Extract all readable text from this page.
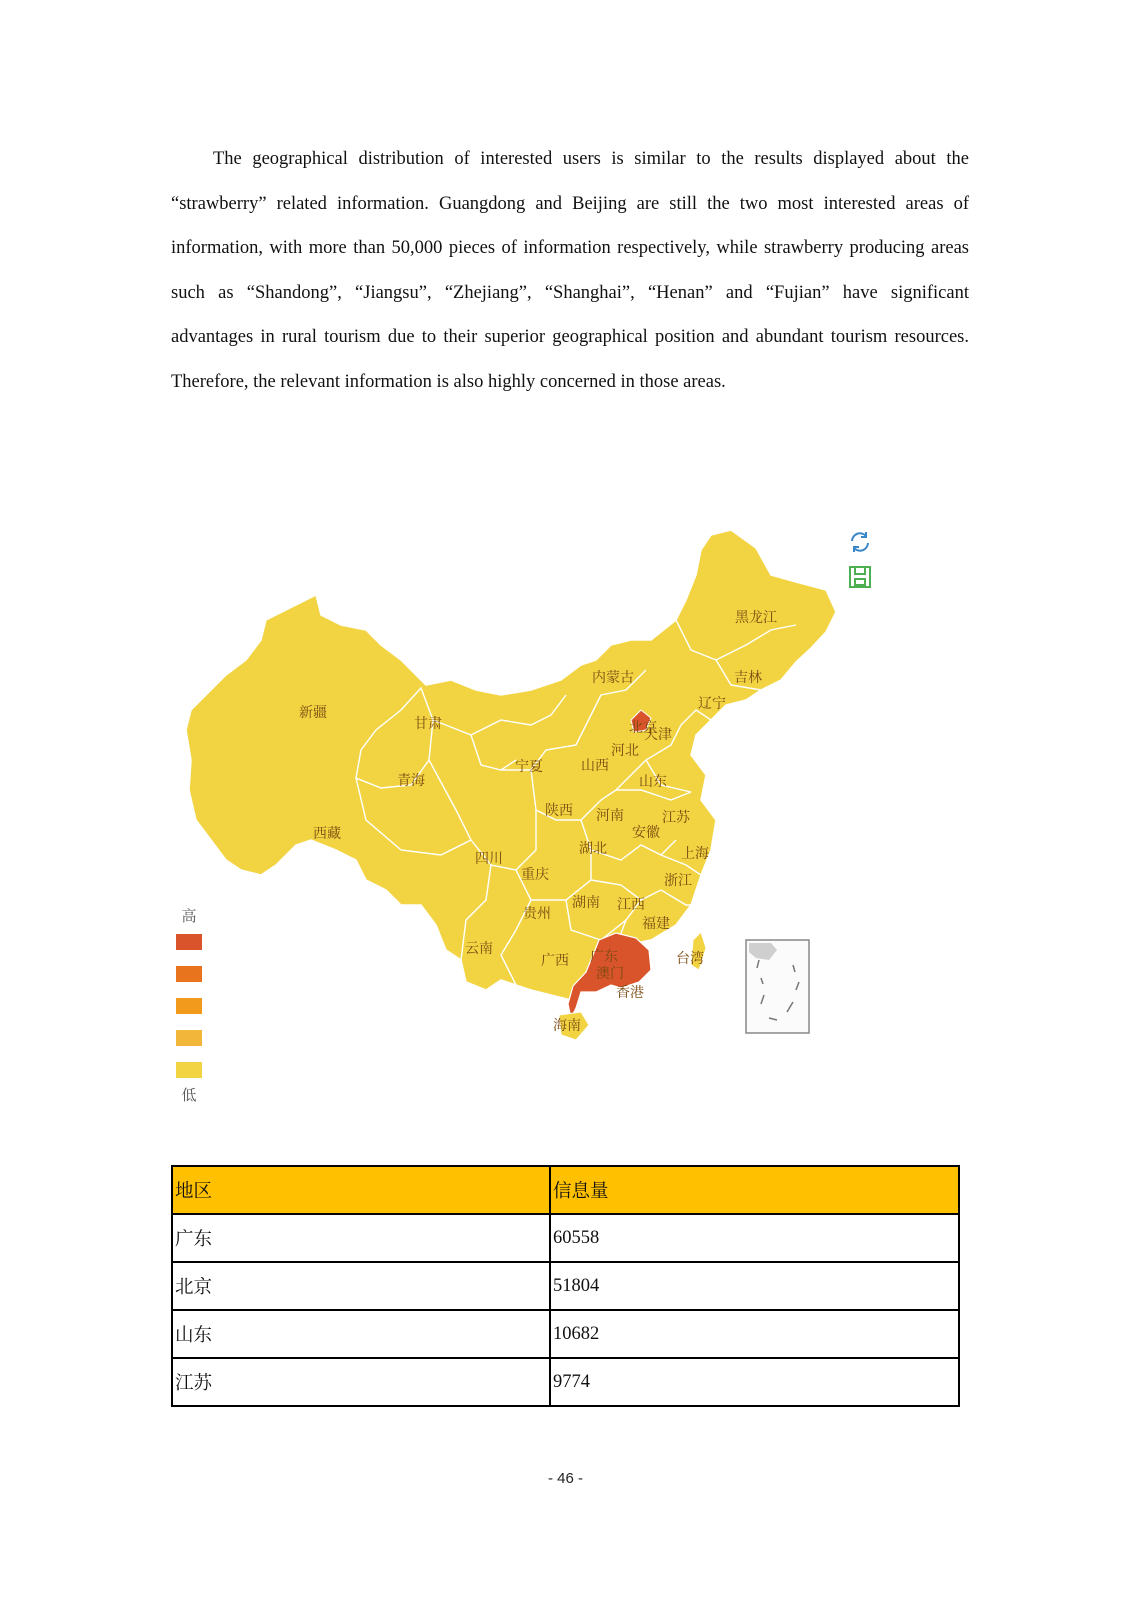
The geographical distribution of interested users is similar to the results displayed about the “strawberry” related information. Guangdong and Beijing are still the two most interested areas of information, with more than 50,000 pieces of information respectively, while strawberry producing areas such as “Shandong”, “Jiangsu”, “Zhejiang”, “Shanghai”, “Henan” and “Fujian” have significant advantages in rural tourism due to their superior geographical position and abundant tourism resources. Therefore, the relevant information is also highly concerned in those areas.

黑龙江
吉林
辽宁
内蒙古
新疆
甘肃	北京
天津
河北
宁夏	山西
山东
青海
陕西 河南	江苏
西藏	安徽
湖北	上海
四川
重庆	浙江
湖南 江西
贵州
福建
云南
广西 广东
澳门
香港
台湾
海南
高
低
地区	信息量
广东	60558
北京	51804
山东	10682
江苏	9774
- 46 -
